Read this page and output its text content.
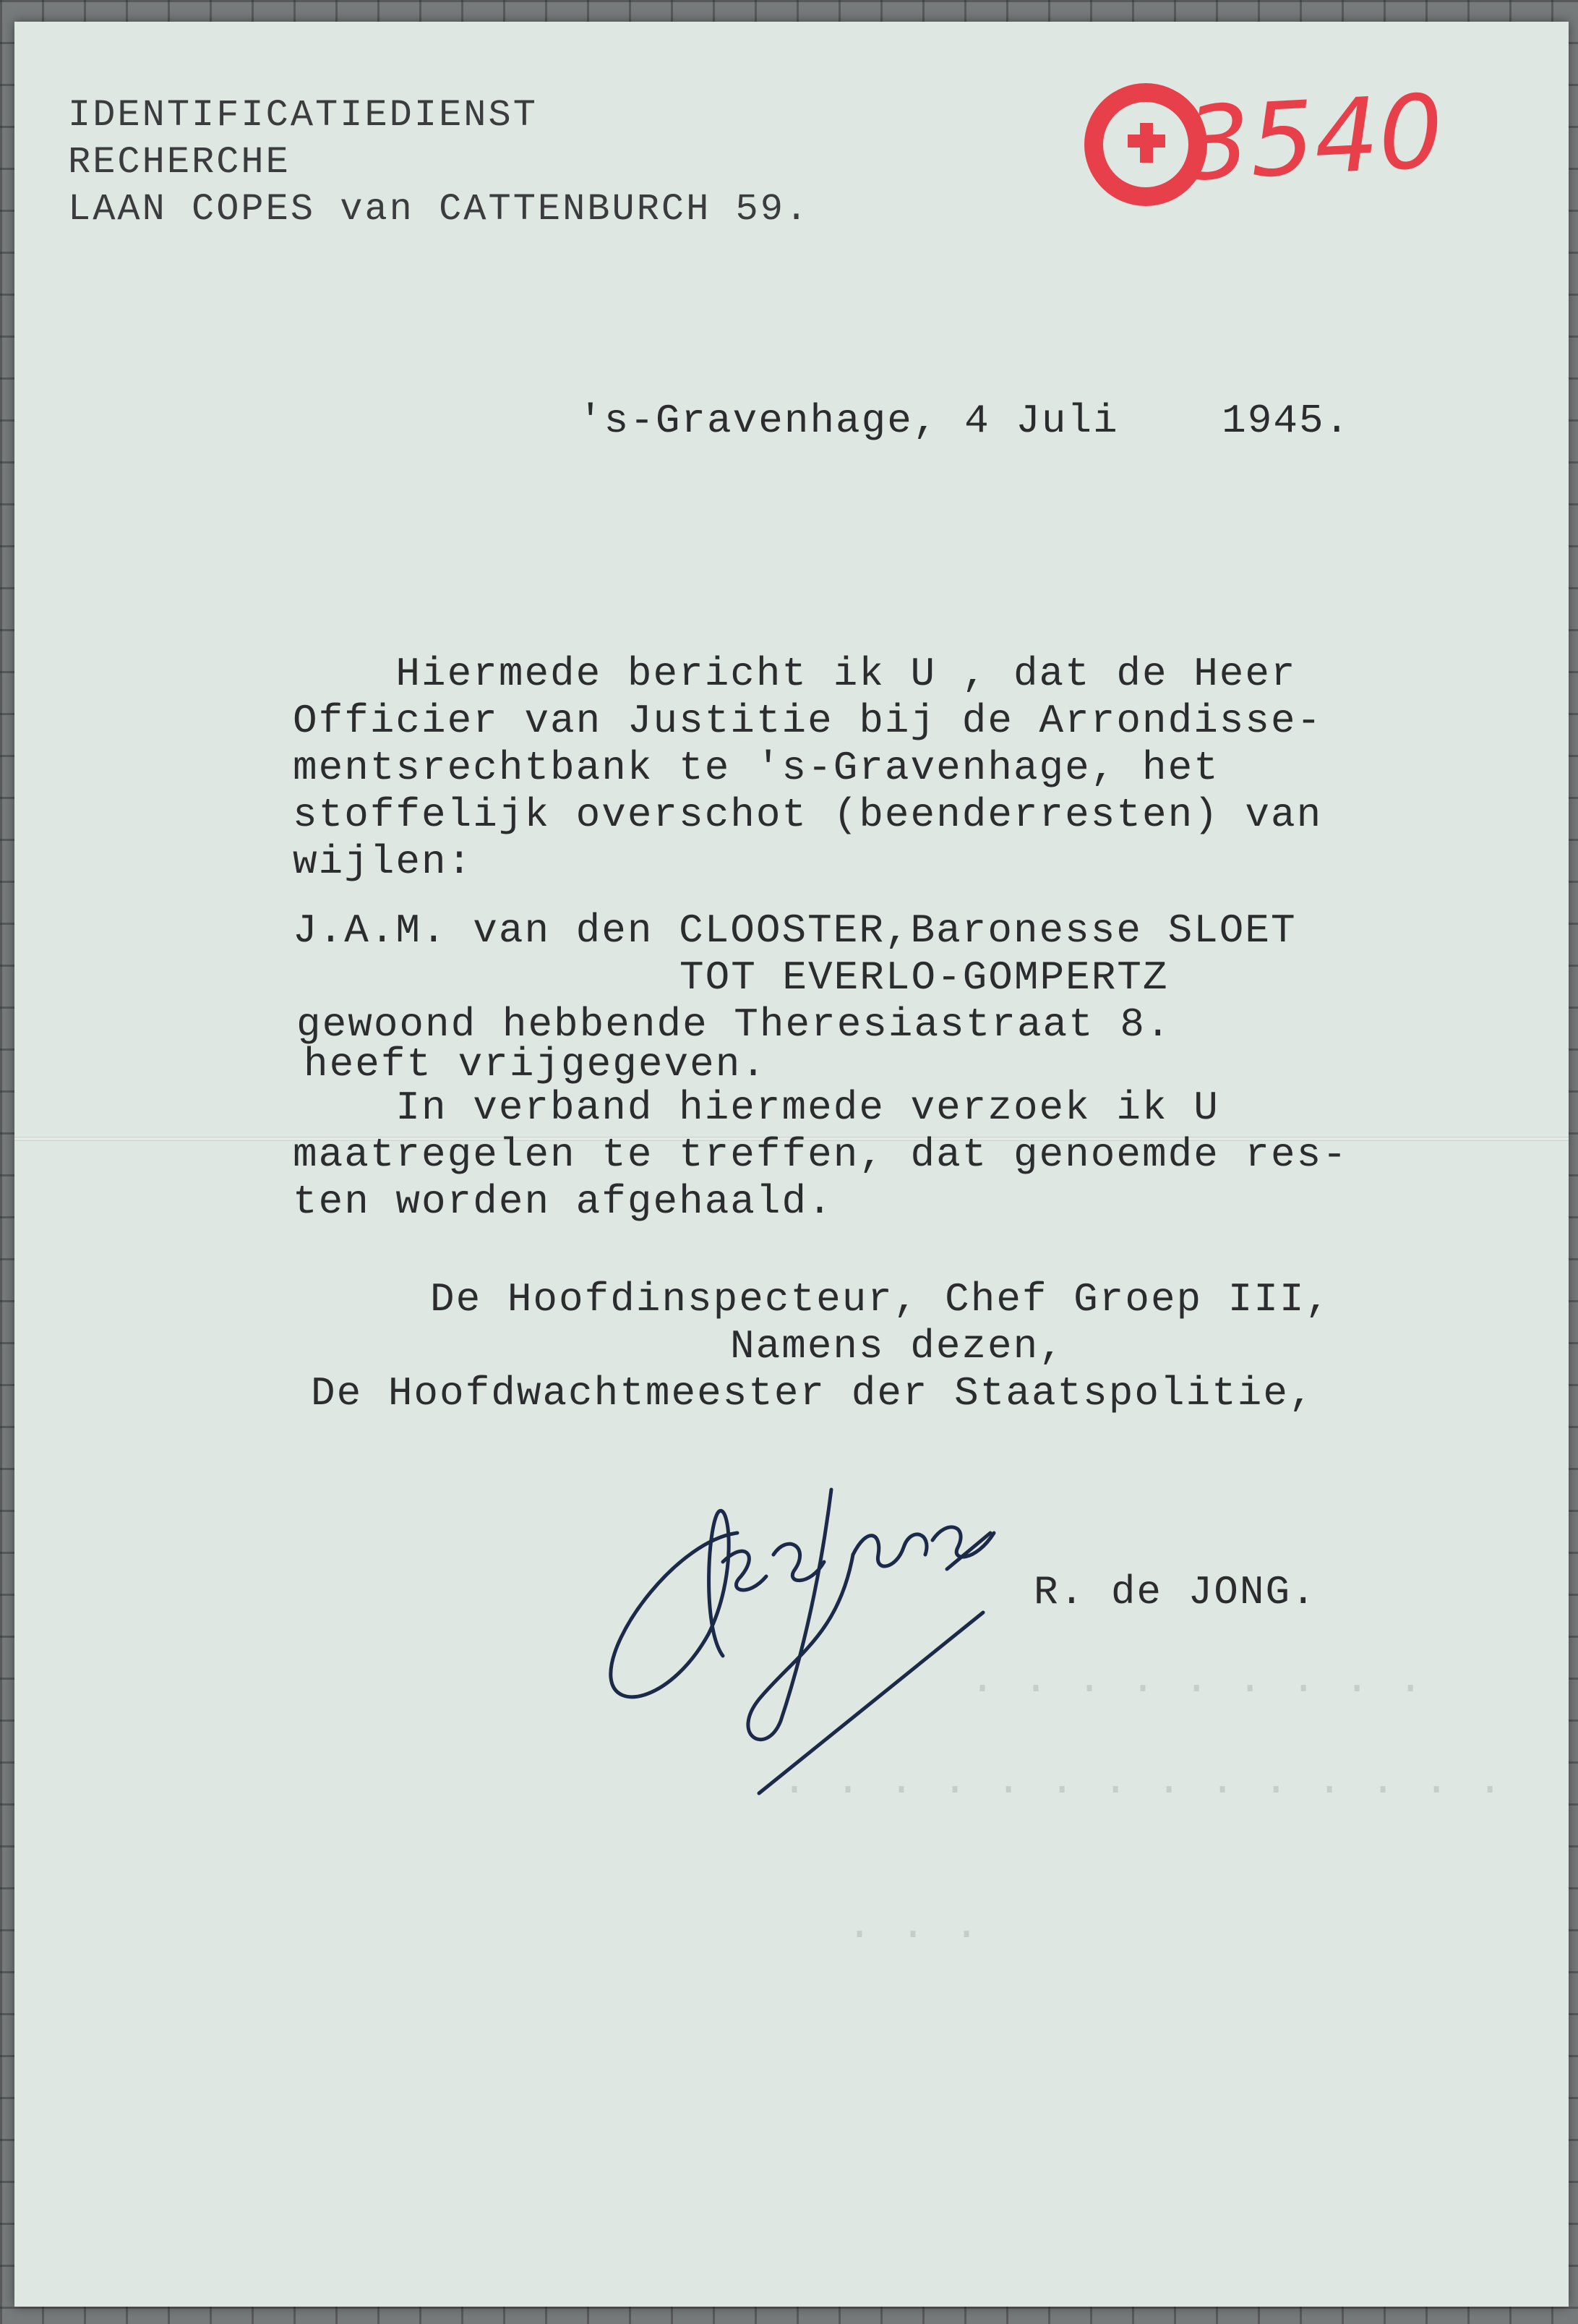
IDENTIFICATIEDIENST
RECHERCHE
LAAN COPES van CATTENBURCH 59.
3540
's-Gravenhage, 4 Juli    1945.
Hiermede bericht ik U , dat de Heer
Officier van Justitie bij de Arrondisse-
mentsrechtbank te 's-Gravenhage, het
stoffelijk overschot (beenderresten) van
wijlen:
J.A.M. van den CLOOSTER,Baronesse SLOET
TOT EVERLO-GOMPERTZ
gewoond hebbende Theresiastraat 8.
heeft vrijgegeven.
In verband hiermede verzoek ik U
maatregelen te treffen, dat genoemde res-
ten worden afgehaald.
De Hoofdinspecteur, Chef Groep III,
Namens dezen,
De Hoofdwachtmeester der Staatspolitie,
R. de JONG.
. . . . . . . . .
. . . . . . . . . . . . . .
. . .
